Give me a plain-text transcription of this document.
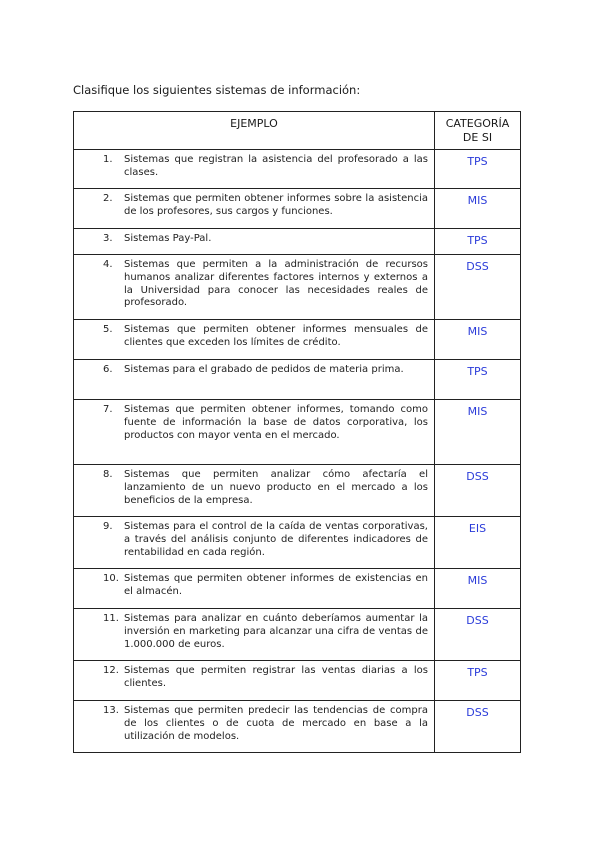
Clasifique los siguientes sistemas de información:
EJEMPLO	CATEGORÍA
DE SI

1. Sistemas que registran la asistencia del profesorado a las clases.	TPS

2. Sistemas que permiten obtener informes sobre la asistencia de los profesores, sus cargos y funciones.	MIS

3. Sistemas Pay-Pal.	TPS

4. Sistemas que permiten a la administración de recursos humanos analizar diferentes factores internos y externos a la Universidad para conocer las necesidades reales de profesorado.	DSS

5. Sistemas que permiten obtener informes mensuales de clientes que exceden los límites de crédito.	MIS

6. Sistemas para el grabado de pedidos de materia prima.	TPS

7. Sistemas que permiten obtener informes, tomando como fuente de información la base de datos corporativa, los productos con mayor venta en el mercado.	MIS

8. Sistemas que permiten analizar cómo afectaría el lanzamiento de un nuevo producto en el mercado a los beneficios de la empresa.	DSS

9. Sistemas para el control de la caída de ventas corporativas, a través del análisis conjunto de diferentes indicadores de rentabilidad en cada región.	EIS

10. Sistemas que permiten obtener informes de existencias en el almacén.	MIS

11. Sistemas para analizar en cuánto deberíamos aumentar la inversión en marketing para alcanzar una cifra de ventas de 1.000.000 de euros.	DSS

12. Sistemas que permiten registrar las ventas diarias a los clientes.	TPS

13. Sistemas que permiten predecir las tendencias de compra de los clientes o de cuota de mercado en base a la utilización de modelos.	DSS
